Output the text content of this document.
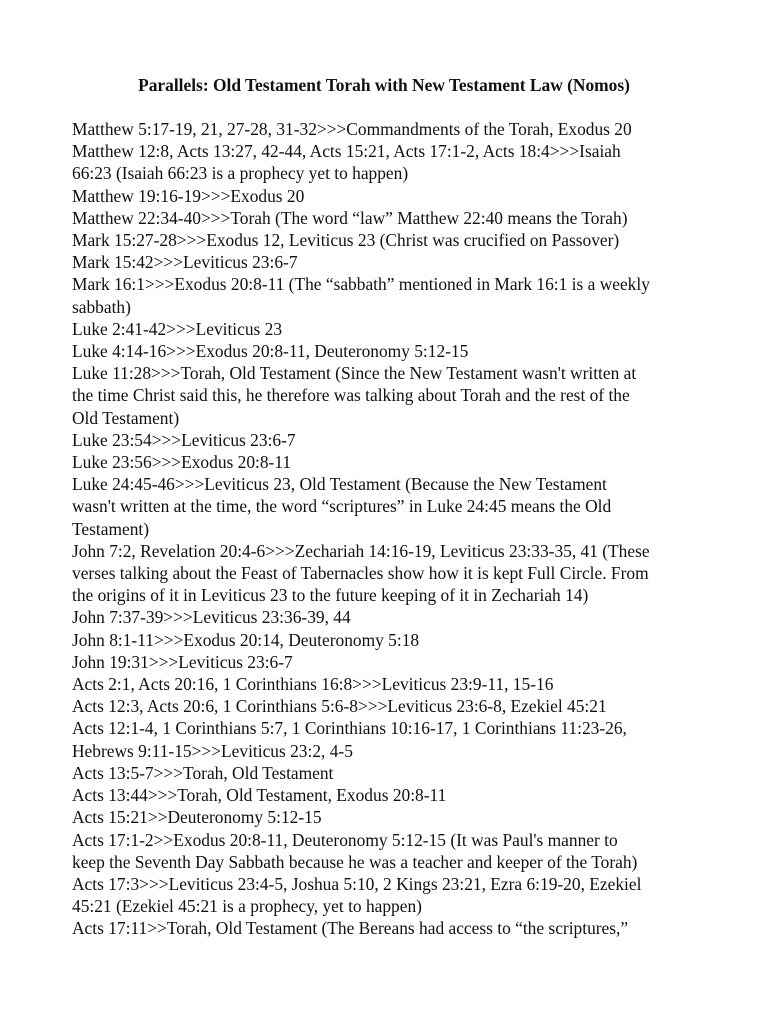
Parallels: Old Testament Torah with New Testament Law (Nomos)
Matthew 5:17-19, 21, 27-28, 31-32>>>Commandments of the Torah, Exodus 20
Matthew 12:8, Acts 13:27, 42-44, Acts 15:21, Acts 17:1-2, Acts 18:4>>>Isaiah
66:23 (Isaiah 66:23 is a prophecy yet to happen)
Matthew 19:16-19>>>Exodus 20
Matthew 22:34-40>>>Torah (The word “law” Matthew 22:40 means the Torah)
Mark 15:27-28>>>Exodus 12, Leviticus 23 (Christ was crucified on Passover)
Mark 15:42>>>Leviticus 23:6-7
Mark 16:1>>>Exodus 20:8-11 (The “sabbath” mentioned in Mark 16:1 is a weekly
sabbath)
Luke 2:41-42>>>Leviticus 23
Luke 4:14-16>>>Exodus 20:8-11, Deuteronomy 5:12-15
Luke 11:28>>>Torah, Old Testament (Since the New Testament wasn't written at
the time Christ said this, he therefore was talking about Torah and the rest of the
Old Testament)
Luke 23:54>>>Leviticus 23:6-7
Luke 23:56>>>Exodus 20:8-11
Luke 24:45-46>>>Leviticus 23, Old Testament (Because the New Testament
wasn't written at the time, the word “scriptures” in Luke 24:45 means the Old
Testament)
John 7:2, Revelation 20:4-6>>>Zechariah 14:16-19, Leviticus 23:33-35, 41 (These
verses talking about the Feast of Tabernacles show how it is kept Full Circle. From
the origins of it in Leviticus 23 to the future keeping of it in Zechariah 14)
John 7:37-39>>>Leviticus 23:36-39, 44
John 8:1-11>>>Exodus 20:14, Deuteronomy 5:18
John 19:31>>>Leviticus 23:6-7
Acts 2:1, Acts 20:16, 1 Corinthians 16:8>>>Leviticus 23:9-11, 15-16
Acts 12:3, Acts 20:6, 1 Corinthians 5:6-8>>>Leviticus 23:6-8, Ezekiel 45:21
Acts 12:1-4, 1 Corinthians 5:7, 1 Corinthians 10:16-17, 1 Corinthians 11:23-26,
Hebrews 9:11-15>>>Leviticus 23:2, 4-5
Acts 13:5-7>>>Torah, Old Testament
Acts 13:44>>>Torah, Old Testament, Exodus 20:8-11
Acts 15:21>>Deuteronomy 5:12-15
Acts 17:1-2>>Exodus 20:8-11, Deuteronomy 5:12-15 (It was Paul's manner to
keep the Seventh Day Sabbath because he was a teacher and keeper of the Torah)
Acts 17:3>>>Leviticus 23:4-5, Joshua 5:10, 2 Kings 23:21, Ezra 6:19-20, Ezekiel
45:21 (Ezekiel 45:21 is a prophecy, yet to happen)
Acts 17:11>>Torah, Old Testament (The Bereans had access to “the scriptures,”
